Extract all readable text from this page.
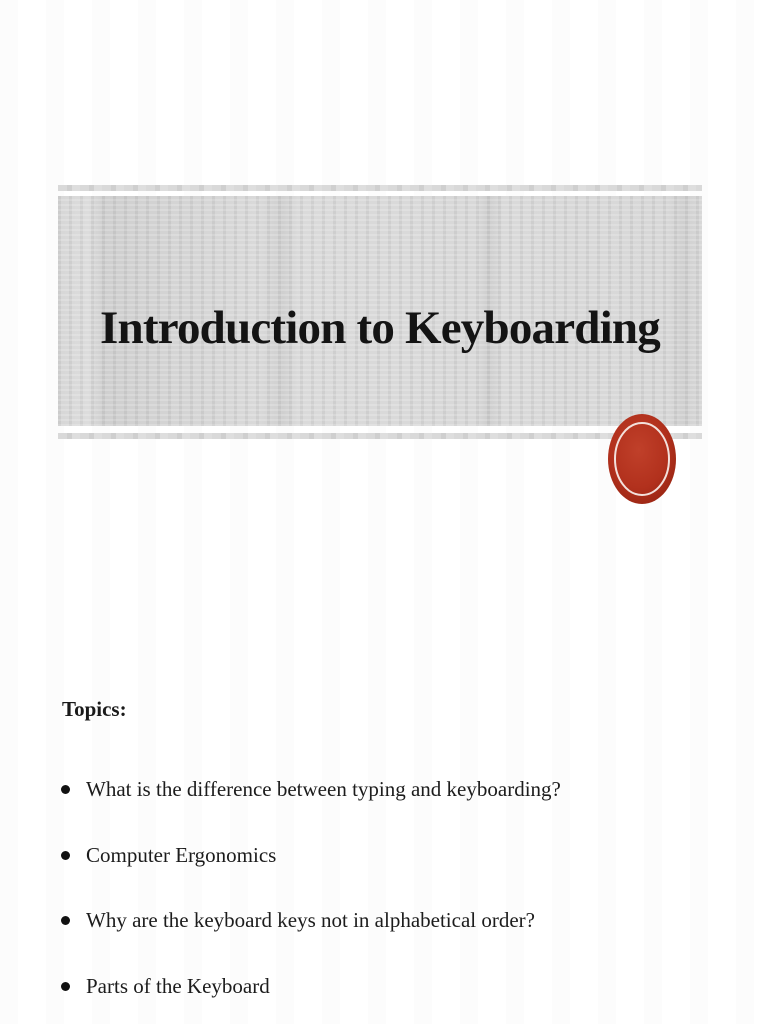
Introduction to Keyboarding
Topics:
What is the difference between typing and keyboarding?
Computer Ergonomics
Why are the keyboard keys not in alphabetical order?
Parts of the Keyboard
